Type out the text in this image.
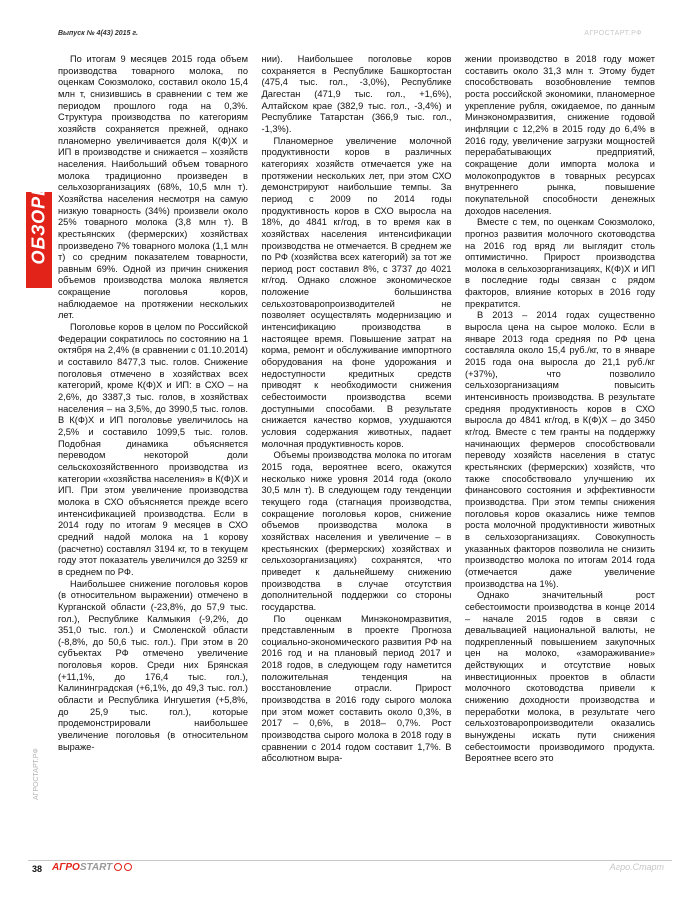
Выпуск № 4(43) 2015 г.	АГРОСТАРТ.РФ
ОБЗОРЫ
АГРОСТАРТ.РФ

По итогам 9 месяцев 2015 года объем производства товарного молока, по оценкам Союзмолоко, составил около 15,4 млн т, снизившись в сравнении с тем же периодом прошлого года на 0,3%. Структура производства по категориям хозяйств сохраняется прежней, однако планомерно увеличивается доля К(Ф)Х и ИП в производстве и снижается – хозяйств населения. Наибольший объем товарного молока традиционно произведен в сельхозорганизациях (68%, 10,5 млн т). Хозяйства населения несмотря на самую низкую товарность (34%) произвели около 25% товарного молока (3,8 млн т). В крестьянских (фермерских) хозяйствах произведено 7% товарного молока (1,1 млн т) со средним показателем товарности, равным 69%. Одной из причин снижения объемов производства молока является сокращение поголовья коров, наблюдаемое на протяжении нескольких лет.

Поголовье коров в целом по Российской Федерации сократилось по состоянию на 1 октября на 2,4% (в сравнении с 01.10.2014) и составило 8477,3 тыс. голов. Снижение поголовья отмечено в хозяйствах всех категорий, кроме К(Ф)Х и ИП: в СХО – на 2,6%, до 3387,3 тыс. голов, в хозяйствах населения – на 3,5%, до 3990,5 тыс. голов. В К(Ф)Х и ИП поголовье увеличилось на 2,5% и составило 1099,5 тыс. голов. Подобная динамика объясняется переводом некоторой доли сельскохозяйственного производства из категории «хозяйства населения» в К(Ф)Х и ИП. При этом увеличение производства молока в СХО объясняется прежде всего интенсификацией производства. Если в 2014 году по итогам 9 месяцев в СХО средний надой молока на 1 корову (расчетно) составлял 3194 кг, то в текущем году этот показатель увеличился до 3259 кг в среднем по РФ.

Наибольшее снижение поголовья коров (в относительном выражении) отмечено в Курганской области (-23,8%, до 57,9 тыс. гол.), Республике Калмыкия (-9,2%, до 351,0 тыс. гол.) и Смоленской области (-8,8%, до 50,6 тыс. гол.). При этом в 20 субъектах РФ отмечено увеличение поголовья коров. Среди них Брянская (+11,1%, до 176,4 тыс. гол.), Калининградская (+6,1%, до 49,3 тыс. гол.) области и Республика Ингушетия (+5,8%, до 25,9 тыс. гол.), которые продемонстрировали наибольшее увеличение поголовья (в относительном выраже-

нии). Наибольшее поголовье коров сохраняется в Республике Башкортостан (475,4 тыс. гол., -3,0%), Республике Дагестан (471,9 тыс. гол., +1,6%), Алтайском крае (382,9 тыс. гол., -3,4%) и Республике Татарстан (366,9 тыс. гол., -1,3%).

Планомерное увеличение молочной продуктивности коров в различных категориях хозяйств отмечается уже на протяжении нескольких лет, при этом СХО демонстрируют наибольшие темпы. За период с 2009 по 2014 годы продуктивность коров в СХО выросла на 18%, до 4841 кг/год, в то время как в хозяйствах населения интенсификации производства не отмечается. В среднем же по РФ (хозяйства всех категорий) за тот же период рост составил 8%, с 3737 до 4021 кг/год. Однако сложное экономическое положение большинства сельхозтоваропроизводителей не позволяет осуществлять модернизацию и интенсификацию производства в настоящее время. Повышение затрат на корма, ремонт и обслуживание импортного оборудования на фоне удорожания и недоступности кредитных средств приводят к необходимости снижения себестоимости производства всеми доступными способами. В результате снижается качество кормов, ухудшаются условия содержания животных, падает молочная продуктивность коров.

Объемы производства молока по итогам 2015 года, вероятнее всего, окажутся несколько ниже уровня 2014 года (около 30,5 млн т). В следующем году тенденции текущего года (стагнация производства, сокращение поголовья коров, снижение объемов производства молока в хозяйствах населения и увеличение – в крестьянских (фермерских) хозяйствах и сельхозорганизациях) сохранятся, что приведет к дальнейшему снижению производства в случае отсутствия дополнительной поддержки со стороны государства.

По оценкам Минэкономразвития, представленным в проекте Прогноза социально-экономического развития РФ на 2016 год и на плановый период 2017 и 2018 годов, в следующем году наметится положительная тенденция на восстановление отрасли. Прирост производства в 2016 году сырого молока при этом может составить около 0,3%, в 2017 – 0,6%, в 2018– 0,7%. Рост производства сырого молока в 2018 году в сравнении с 2014 годом составит 1,7%. В абсолютном выра-

жении производство в 2018 году может составить около 31,3 млн т. Этому будет способствовать возобновление темпов роста российской экономики, планомерное укрепление рубля, ожидаемое, по данным Минэкономразвития, снижение годовой инфляции с 12,2% в 2015 году до 6,4% в 2016 году, увеличение загрузки мощностей перерабатывающих предприятий, сокращение доли импорта молока и молокопродуктов в товарных ресурсах внутреннего рынка, повышение покупательной способности денежных доходов населения.

Вместе с тем, по оценкам Союзмолоко, прогноз развития молочного скотоводства на 2016 год вряд ли выглядит столь оптимистично. Прирост производства молока в сельхозорганизациях, К(Ф)Х и ИП в последние годы связан с рядом факторов, влияние которых в 2016 году прекратится.

В 2013 – 2014 годах существенно выросла цена на сырое молоко. Если в январе 2013 года средняя по РФ цена составляла около 15,4 руб./кг, то в январе 2015 года она выросла до 21,1 руб./кг (+37%), что позволило сельхозорганизациям повысить интенсивность производства. В результате средняя продуктивность коров в СХО выросла до 4841 кг/год, в К(Ф)Х – до 3450 кг/год. Вместе с тем гранты на поддержку начинающих фермеров способствовали переводу хозяйств населения в статус крестьянских (фермерских) хозяйств, что также способствовало улучшению их финансового состояния и эффективности производства. При этом темпы снижения поголовья коров оказались ниже темпов роста молочной продуктивности животных в сельхозорганизациях. Совокупность указанных факторов позволила не снизить производство молока по итогам 2014 года (отмечается даже увеличение производства на 1%).

Однако значительный рост себестоимости производства в конце 2014 – начале 2015 годов в связи с девальвацией национальной валюты, не подкрепленный повышением закупочных цен на молоко, «замораживание» действующих и отсутствие новых инвестиционных проектов в области молочного скотоводства привели к снижению доходности производства и переработки молока, в результате чего сельхозтоваропроизводители оказались вынуждены искать пути снижения себестоимости производимого продукта. Вероятнее всего это

38 АГРОSTART	Агро.Старт
